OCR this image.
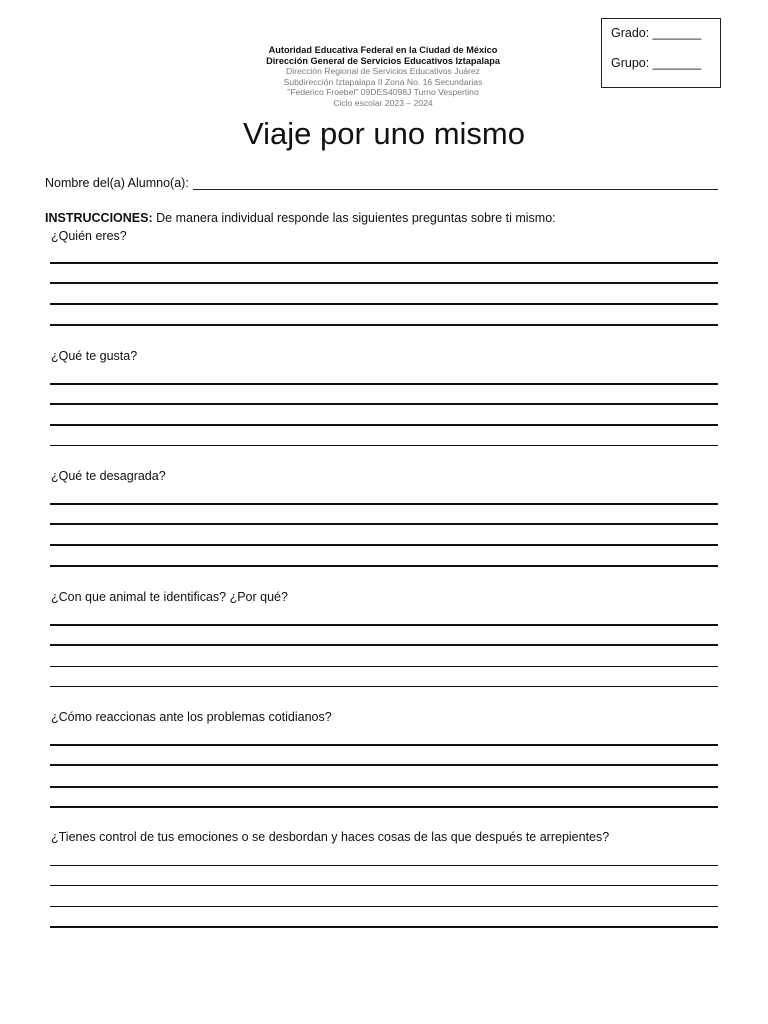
Grado: _______
Grupo: _______
Autoridad Educativa Federal en la Ciudad de México
Dirección General de Servicios Educativos Iztapalapa
Dirección Regional de Servicios Educativos Juárez
Subdirección Iztapalapa II Zona No. 16 Secundarias
"Federico Froebel" 09DES4098J Turno Vespertino
Ciclo escolar 2023 – 2024
Viaje por uno mismo
Nombre del(a) Alumno(a):
INSTRUCCIONES: De manera individual responde las siguientes preguntas sobre ti mismo:
¿Quién eres?
¿Qué te gusta?
¿Qué te desagrada?
¿Con que animal te identificas? ¿Por qué?
¿Cómo reaccionas ante los problemas cotidianos?
¿Tienes control de tus emociones o se desbordan y haces cosas de las que después te arrepientes?
